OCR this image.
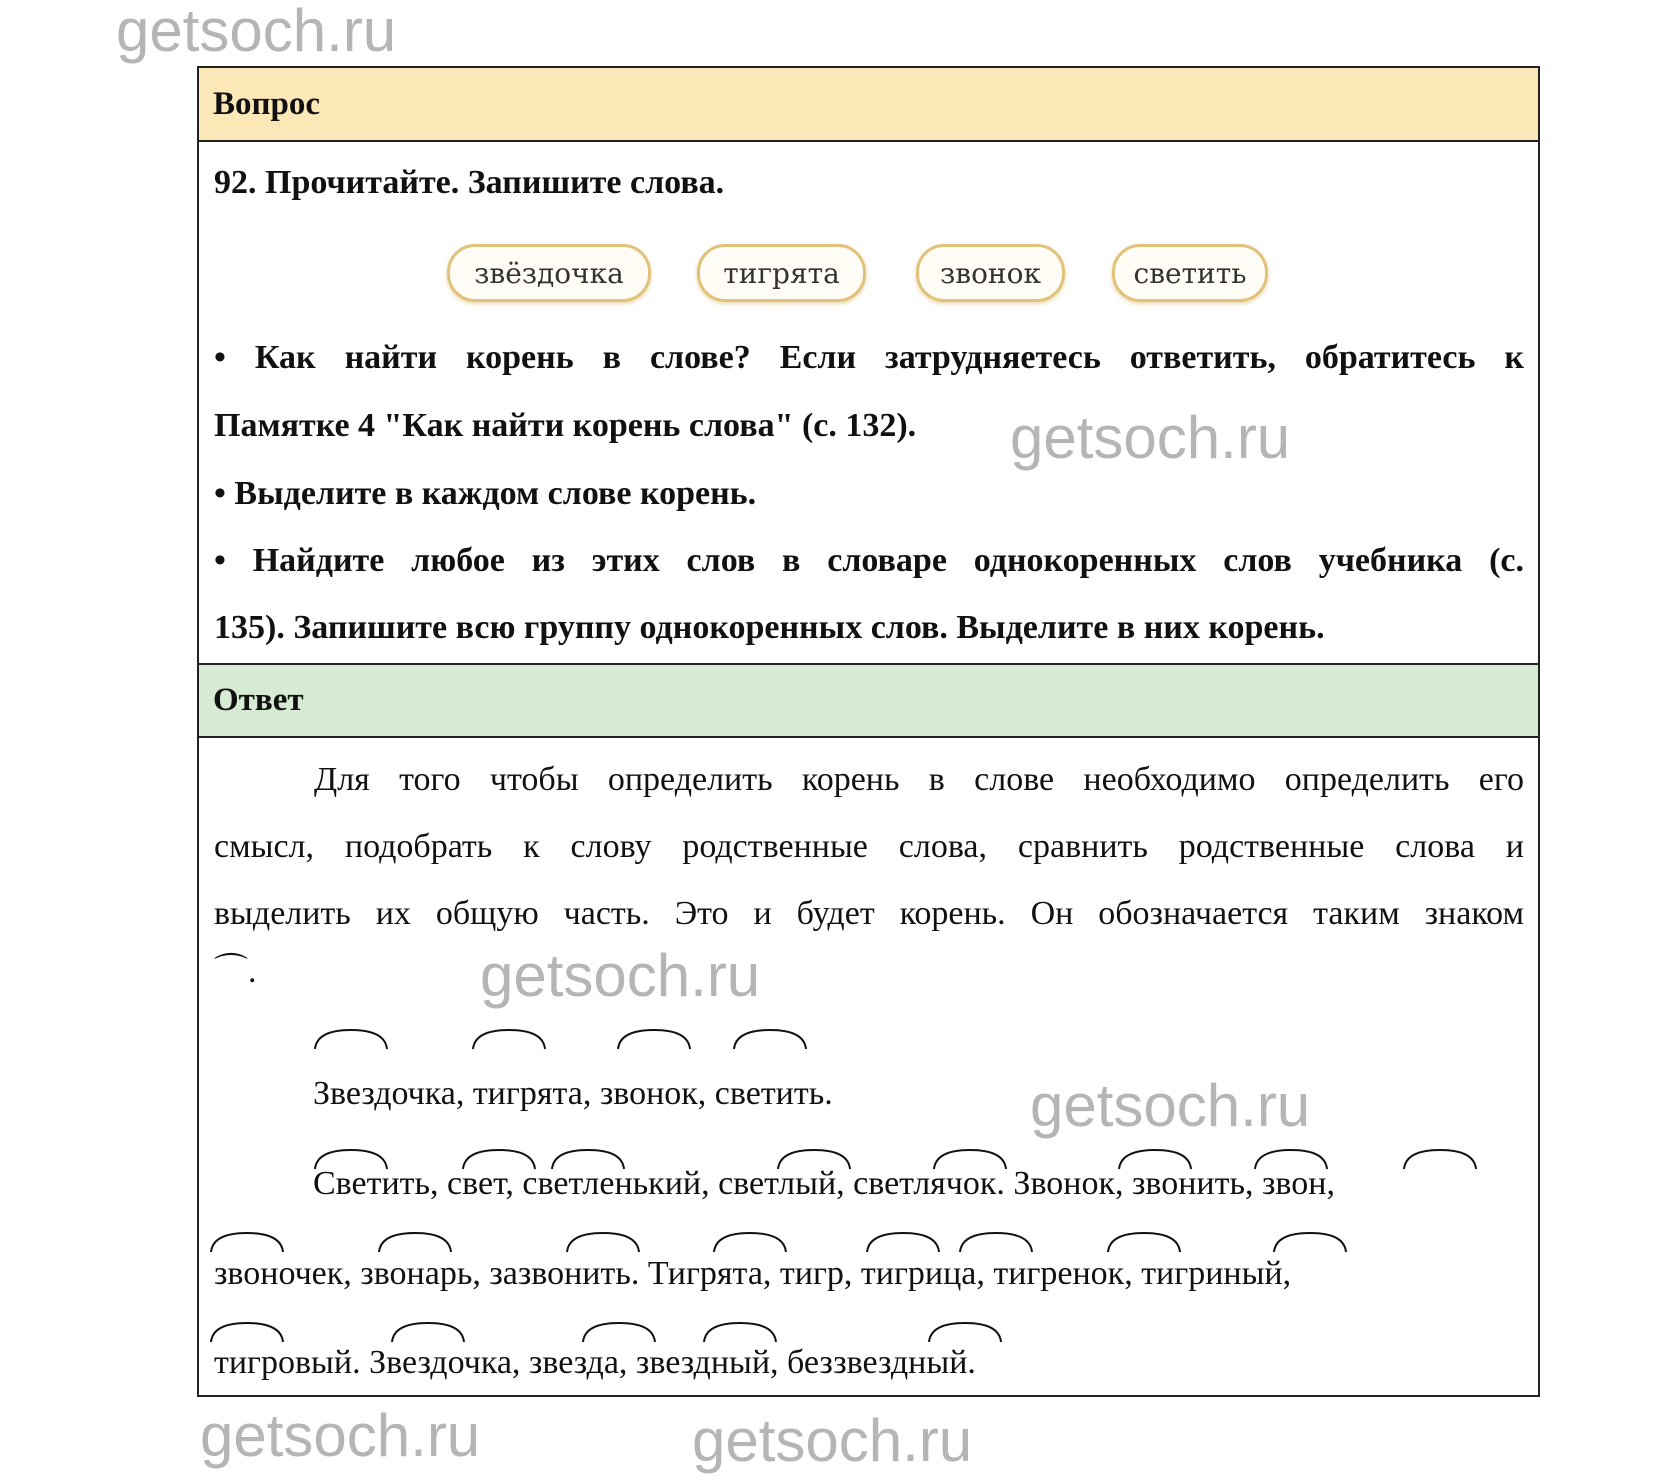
getsoch.ru
Вопрос
92. Прочитайте. Запишите слова.
звёздочка	тигрята	звонок	светить
• Как найти корень в слове? Если затрудняетесь ответить, обратитесь к
Памятке 4 "Как найти корень слова" (с. 132).
• Выделите в каждом слове корень.
• Найдите любое из этих слов в словаре однокоренных слов учебника (с.
135). Запишите всю группу однокоренных слов. Выделите в них корень.
Ответ
Для того чтобы определить корень в слове необходимо определить его
смысл, подобрать к слову родственные слова, сравнить родственные слова и
выделить их общую часть. Это и будет корень. Он обозначается таким знаком
⌒.
Звездочка, тигрята, звонок, светить.
Светить, свет, светленький, светлый, светлячок. Звонок, звонить, звон,
звоночек, звонарь, зазвонить. Тигрята, тигр, тигрица, тигренок, тигриный,
тигровый. Звездочка, звезда, звездный, беззвездный.
getsoch.ru
getsoch.ru
getsoch.ru
getsoch.ru	getsoch.ru
